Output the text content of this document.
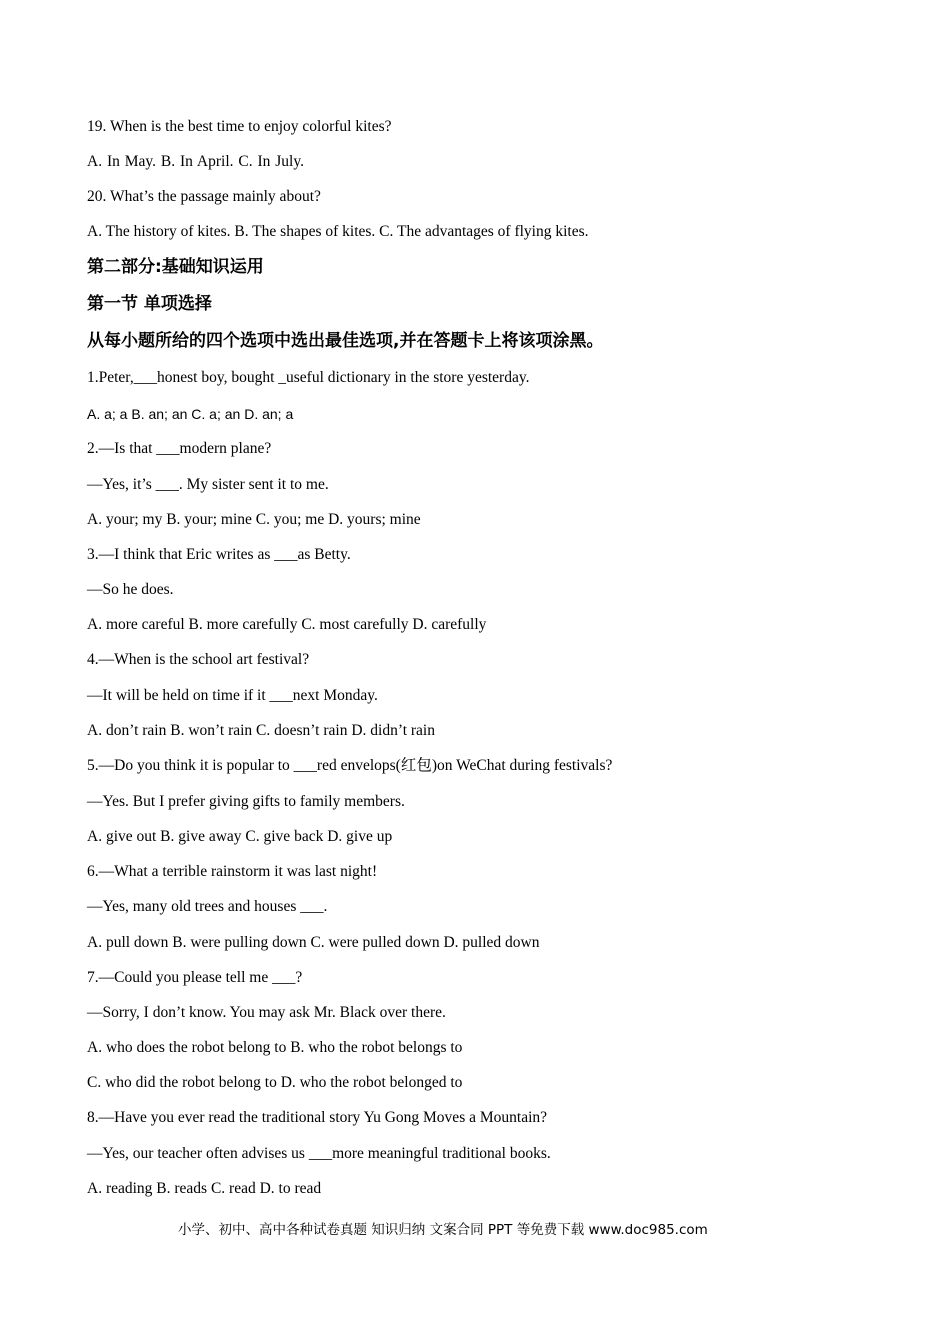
19. When is the best time to enjoy colorful kites?
A. In May. B. In April. C. In July.
20. What’s the passage mainly about?
A. The history of kites. B. The shapes of kites. C. The advantages of flying kites.
第二部分:基础知识运用
第一节 单项选择
从每小题所给的四个选项中选出最佳选项,并在答题卡上将该项涂黑。
1.Peter,___honest boy, bought _useful dictionary in the store yesterday.
A. a; a B. an; an C. a; an D. an; a
2.—Is that ___modern plane?
—Yes, it’s ___. My sister sent it to me.
A. your; my B. your; mine C. you; me D. yours; mine
3.—I think that Eric writes as ___as Betty.
—So he does.
A. more careful B. more carefully C. most carefully D. carefully
4.—When is the school art festival?
—It will be held on time if it ___next Monday.
A. don’t rain B. won’t rain C. doesn’t rain D. didn’t rain
5.—Do you think it is popular to ___red envelops(红包)on WeChat during festivals?
—Yes. But I prefer giving gifts to family members.
A. give out B. give away C. give back D. give up
6.—What a terrible rainstorm it was last night!
—Yes, many old trees and houses ___.
A. pull down B. were pulling down C. were pulled down D. pulled down
7.—Could you please tell me ___?
—Sorry, I don’t know. You may ask Mr. Black over there.
A. who does the robot belong to B. who the robot belongs to
C. who did the robot belong to D. who the robot belonged to
8.—Have you ever read the traditional story Yu Gong Moves a Mountain?
—Yes, our teacher often advises us ___more meaningful traditional books.
A. reading B. reads C. read D. to read
小学、初中、高中各种试卷真题 知识归纳 文案合同 PPT 等免费下载 www.doc985.com
